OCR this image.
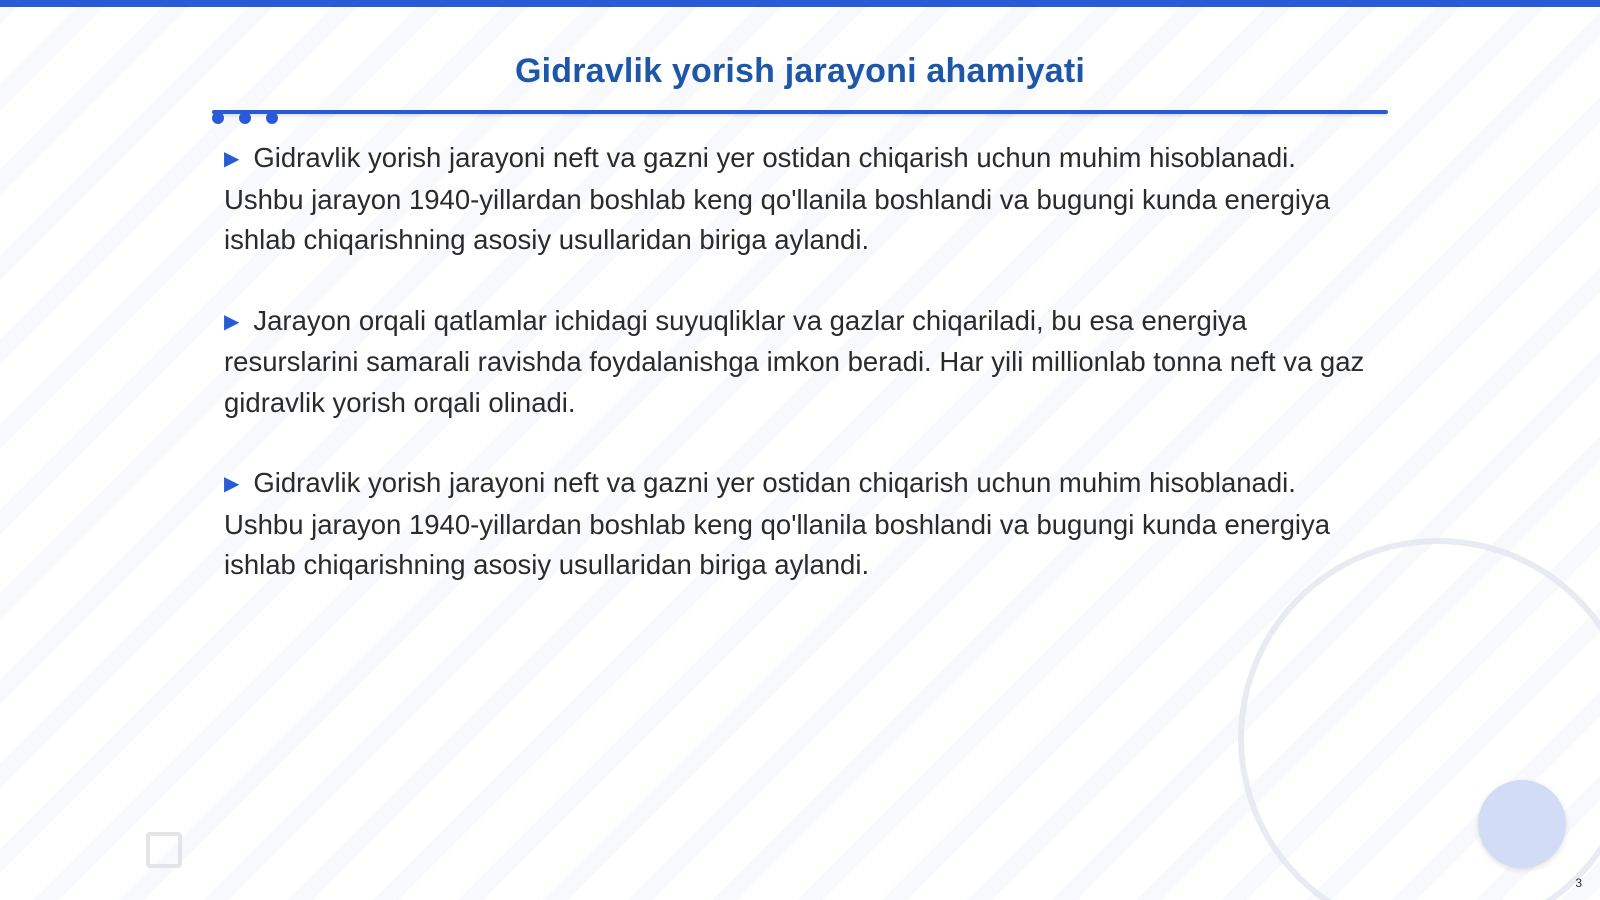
Gidravlik yorish jarayoni ahamiyati

▶ Gidravlik yorish jarayoni neft va gazni yer ostidan chiqarish uchun muhim hisoblanadi. Ushbu jarayon 1940-yillardan boshlab keng qo'llanila boshlandi va bugungi kunda energiya ishlab chiqarishning asosiy usullaridan biriga aylandi.

▶ Jarayon orqali qatlamlar ichidagi suyuqliklar va gazlar chiqariladi, bu esa energiya resurslarini samarali ravishda foydalanishga imkon beradi. Har yili millionlab tonna neft va gaz gidravlik yorish orqali olinadi.

▶ Gidravlik yorish jarayoni neft va gazni yer ostidan chiqarish uchun muhim hisoblanadi. Ushbu jarayon 1940-yillardan boshlab keng qo'llanila boshlandi va bugungi kunda energiya ishlab chiqarishning asosiy usullaridan biriga aylandi.

3
